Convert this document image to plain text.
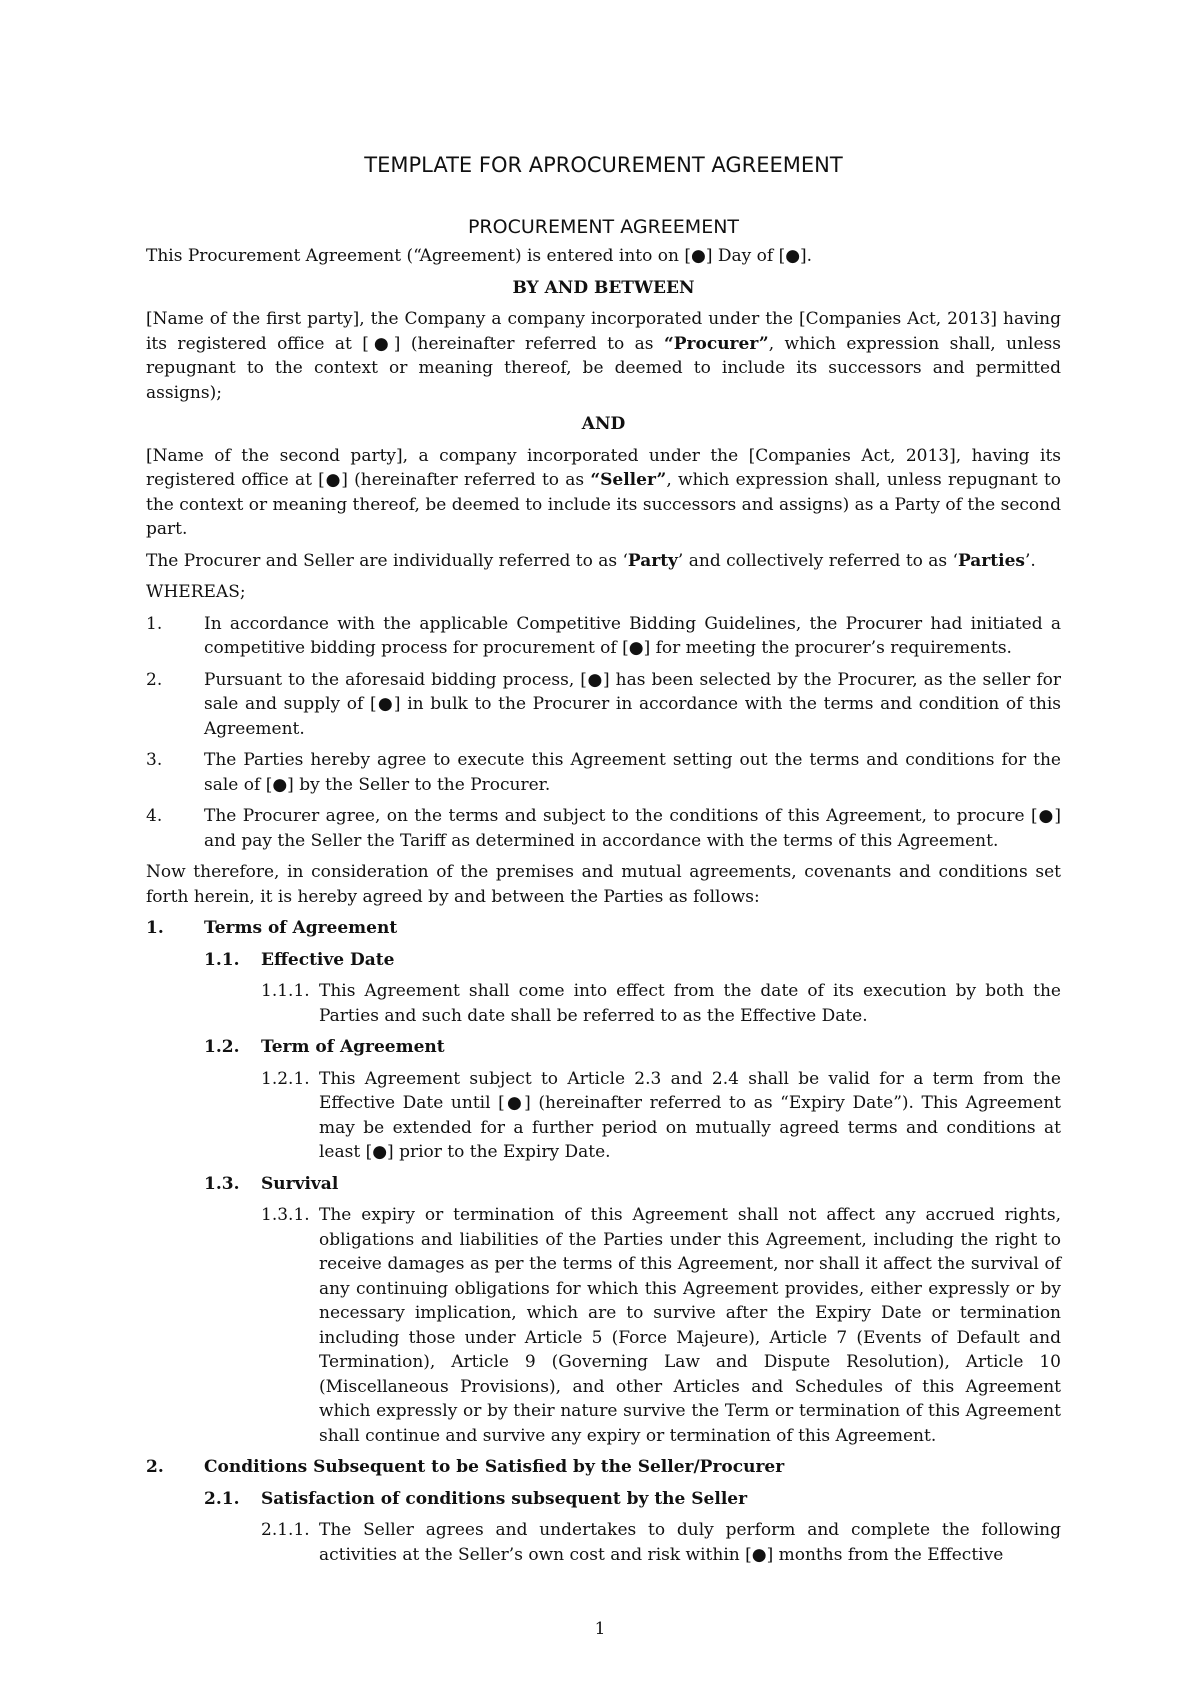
TEMPLATE FOR APROCUREMENT AGREEMENT
PROCUREMENT AGREEMENT

This Procurement Agreement (“Agreement) is entered into on [●] Day of [●].

BY AND BETWEEN

[Name of the first party], the Company a company incorporated under the [Companies Act, 2013] having its registered office at [●] (hereinafter referred to as “Procurer”, which expression shall, unless repugnant to the context or meaning thereof, be deemed to include its successors and permitted assigns);

AND

[Name of the second party], a company incorporated under the [Companies Act, 2013], having its registered office at [●] (hereinafter referred to as “Seller”, which expression shall, unless repugnant to the context or meaning thereof, be deemed to include its successors and assigns) as a Party of the second part.

The Procurer and Seller are individually referred to as ‘Party’ and collectively referred to as ‘Parties’.

WHEREAS;

1. In accordance with the applicable Competitive Bidding Guidelines, the Procurer had initiated a competitive bidding process for procurement of [●] for meeting the procurer’s requirements.
2. Pursuant to the aforesaid bidding process, [●] has been selected by the Procurer, as the seller for sale and supply of [●] in bulk to the Procurer in accordance with the terms and condition of this Agreement.
3. The Parties hereby agree to execute this Agreement setting out the terms and conditions for the sale of [●] by the Seller to the Procurer.
4. The Procurer agree, on the terms and subject to the conditions of this Agreement, to procure [●] and pay the Seller the Tariff as determined in accordance with the terms of this Agreement.

Now therefore, in consideration of the premises and mutual agreements, covenants and conditions set forth herein, it is hereby agreed by and between the Parties as follows:

1. Terms of Agreement
1.1. Effective Date
1.1.1. This Agreement shall come into effect from the date of its execution by both the Parties and such date shall be referred to as the Effective Date.
1.2. Term of Agreement
1.2.1. This Agreement subject to Article 2.3 and 2.4 shall be valid for a term from the Effective Date until [●] (hereinafter referred to as “Expiry Date”). This Agreement may be extended for a further period on mutually agreed terms and conditions at least [●] prior to the Expiry Date.
1.3. Survival
1.3.1. The expiry or termination of this Agreement shall not affect any accrued rights, obligations and liabilities of the Parties under this Agreement, including the right to receive damages as per the terms of this Agreement, nor shall it affect the survival of any continuing obligations for which this Agreement provides, either expressly or by necessary implication, which are to survive after the Expiry Date or termination including those under Article 5 (Force Majeure), Article 7 (Events of Default and Termination), Article 9 (Governing Law and Dispute Resolution), Article 10 (Miscellaneous Provisions), and other Articles and Schedules of this Agreement which expressly or by their nature survive the Term or termination of this Agreement shall continue and survive any expiry or termination of this Agreement.
2. Conditions Subsequent to be Satisfied by the Seller/Procurer
2.1. Satisfaction of conditions subsequent by the Seller
2.1.1. The Seller agrees and undertakes to duly perform and complete the following activities at the Seller’s own cost and risk within [●] months from the Effective
1
